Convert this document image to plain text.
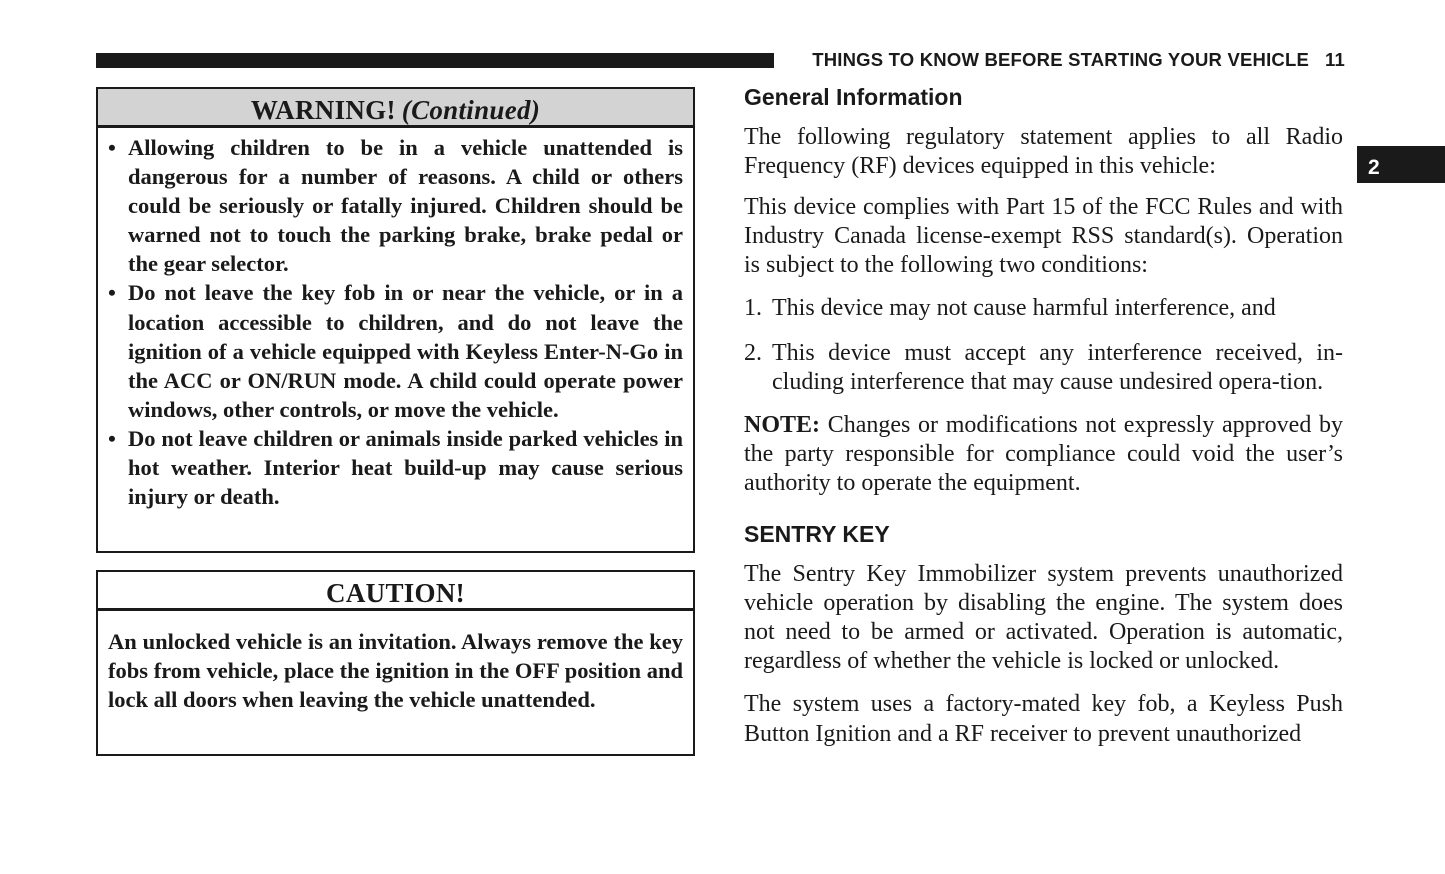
THINGS TO KNOW BEFORE STARTING YOUR VEHICLE 11
2
WARNING! (Continued)
• Allowing children to be in a vehicle unattended is dangerous for a number of reasons. A child or others could be seriously or fatally injured. Children should be warned not to touch the parking brake, brake pedal or the gear selector.
• Do not leave the key fob in or near the vehicle, or in a location accessible to children, and do not leave the ignition of a vehicle equipped with Keyless Enter-N-Go in the ACC or ON/RUN mode. A child could operate power windows, other controls, or move the vehicle.
• Do not leave children or animals inside parked vehicles in hot weather. Interior heat build-up may cause serious injury or death.
CAUTION!

An unlocked vehicle is an invitation. Always remove the key fobs from vehicle, place the ignition in the OFF position and lock all doors when leaving the vehicle unattended.

General Information

The following regulatory statement applies to all Radio Frequency (RF) devices equipped in this vehicle:

This device complies with Part 15 of the FCC Rules and with Industry Canada license-exempt RSS standard(s). Operation is subject to the following two conditions:

1. This device may not cause harmful interference, and
2. This device must accept any interference received, in-cluding interference that may cause undesired opera-tion.

NOTE: Changes or modifications not expressly approved by the party responsible for compliance could void the user’s authority to operate the equipment.

SENTRY KEY

The Sentry Key Immobilizer system prevents unauthorized vehicle operation by disabling the engine. The system does not need to be armed or activated. Operation is automatic, regardless of whether the vehicle is locked or unlocked.

The system uses a factory-mated key fob, a Keyless Push Button Ignition and a RF receiver to prevent unauthorized
